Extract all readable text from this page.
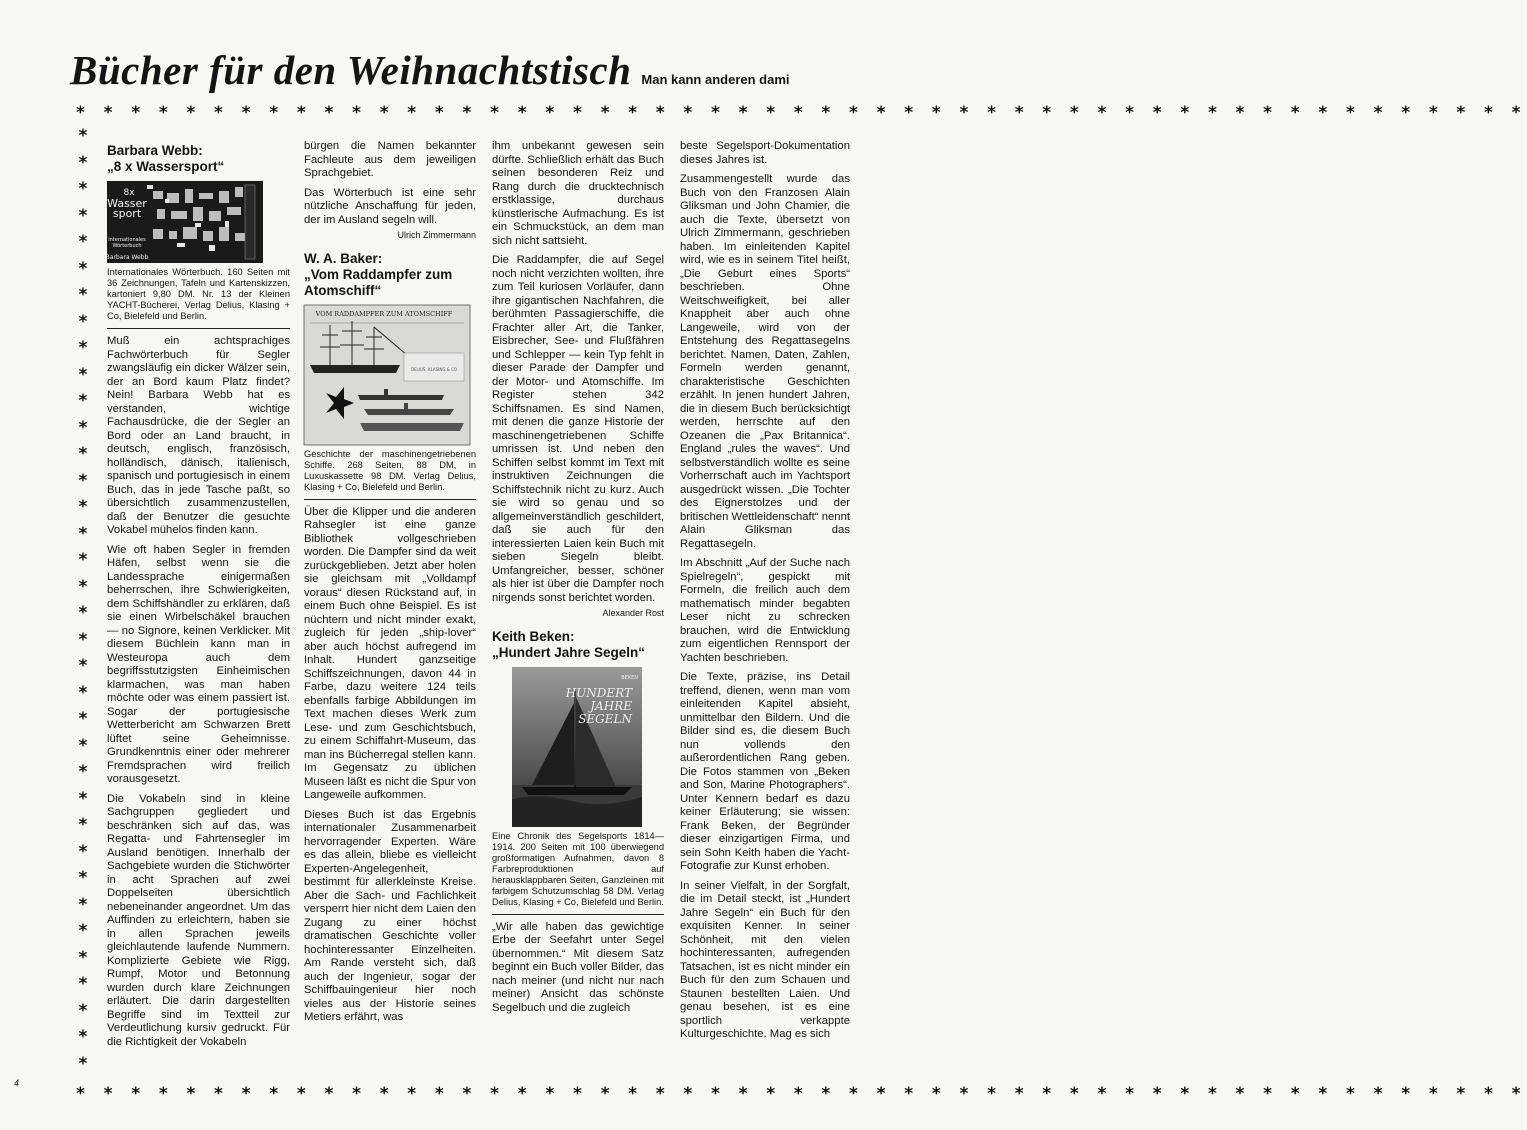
Bücher für den Weihnachtstisch Man kann anderen dami
* * * * * * * * * * * * * * * * * * * * * * * * * * * * * * * * * * * * * * * * * * * * * * * * * * * * *
* * * * * * * * * * * * * * * * * * * * * * * * * * * * * * * * * * * * * * * * * * * * * * * * * * * * *
*
*
*
*
*
*
*
*
*
*
*
*
*
*
*
*
*
*
*
*
*
*
*
*
*
*
*
*
*
*
*
*
*
*
*
*

Barbara Webb:

„8 x Wassersport“

8x
Wasser
sport
internationales
Wörterbuch
Barbara Webb

Internationales Wörterbuch. 160 Seiten mit 36 Zeichnungen, Tafeln und Kartenskizzen, kartoniert 9,80 DM. Nr. 13 der Kleinen YACHT-Bücherei, Verlag Delius, Klasing + Co, Bielefeld und Berlin.

Muß ein achtsprachiges Fachwörterbuch für Segler zwangsläufig ein dicker Wälzer sein, der an Bord kaum Platz findet? Nein! Barbara Webb hat es verstanden, wichtige Fachausdrücke, die der Segler an Bord oder an Land braucht, in deutsch, englisch, französisch, holländisch, dänisch, italienisch, spanisch und portugiesisch in einem Buch, das in jede Tasche paßt, so übersichtlich zusammenzustellen, daß der Benutzer die gesuchte Vokabel mühelos finden kann.

Wie oft haben Segler in fremden Häfen, selbst wenn sie die Landessprache einigermaßen beherrschen, ihre Schwierigkeiten, dem Schiffshändler zu erklären, daß sie einen Wirbelschäkel brauchen — no Signore, keinen Verklicker. Mit diesem Büchlein kann man in Westeuropa auch dem begriffsstutzigsten Einheimischen klarmachen, was man haben möchte oder was einem passiert ist. Sogar der portugiesische Wetterbericht am Schwarzen Brett lüftet seine Geheimnisse. Grundkenntnis einer oder mehrerer Fremdsprachen wird freilich vorausgesetzt.

Die Vokabeln sind in kleine Sachgruppen gegliedert und beschränken sich auf das, was Regatta- und Fahrtensegler im Ausland benötigen. Innerhalb der Sachgebiete wurden die Stichwörter in acht Sprachen auf zwei Doppelseiten übersichtlich nebeneinander angeordnet. Um das Auffinden zu erleichtern, haben sie in allen Sprachen jeweils gleichlautende laufende Nummern. Komplizierte Gebiete wie Rigg, Rumpf, Motor und Betonnung wurden durch klare Zeichnungen erläutert. Die darin dargestellten Begriffe sind im Textteil zur Verdeutlichung kursiv gedruckt. Für die Richtigkeit der Vokabeln

bürgen die Namen bekannter Fachleute aus dem jeweiligen Sprachgebiet.

Das Wörterbuch ist eine sehr nützliche Anschaffung für jeden, der im Ausland segeln will.

Ulrich Zimmermann

W. A. Baker:

„Vom Raddampfer zum Atomschiff“

DELIUS, KLASING & CO
VOM RADDAMPFER ZUM ATOMSCHIFF

Geschichte der maschinengetriebenen Schiffe. 268 Seiten, 88 DM, in Luxuskassette 98 DM. Verlag Delius, Klasing + Co, Bielefeld und Berlin.

Über die Klipper und die anderen Rahsegler ist eine ganze Bibliothek vollgeschrieben worden. Die Dampfer sind da weit zurückgeblieben. Jetzt aber holen sie gleichsam mit „Volldampf voraus“ diesen Rückstand auf, in einem Buch ohne Beispiel. Es ist nüchtern und nicht minder exakt, zugleich für jeden „ship-lover“ aber auch höchst aufregend im Inhalt. Hundert ganzseitige Schiffszeichnungen, davon 44 in Farbe, dazu weitere 124 teils ebenfalls farbige Abbildungen im Text machen dieses Werk zum Lese- und zum Geschichtsbuch, zu einem Schiffahrt-Museum, das man ins Bücherregal stellen kann. Im Gegensatz zu üblichen Museen läßt es nicht die Spur von Langeweile aufkommen.

Dieses Buch ist das Ergebnis internationaler Zusammenarbeit hervorragender Experten. Wäre es das allein, bliebe es vielleicht Experten-Angelegenheit, bestimmt für allerkleinste Kreise. Aber die Sach- und Fachlichkeit versperrt hier nicht dem Laien den Zugang zu einer höchst dramatischen Geschichte voller hochinteressanter Einzelheiten. Am Rande versteht sich, daß auch der Ingenieur, sogar der Schiffbauingenieur hier noch vieles aus der Historie seines Metiers erfährt, was

ihm unbekannt gewesen sein dürfte. Schließlich erhält das Buch seinen besonderen Reiz und Rang durch die drucktechnisch erstklassige, durchaus künstlerische Aufmachung. Es ist ein Schmuckstück, an dem man sich nicht sattsieht.

Die Raddampfer, die auf Segel noch nicht verzichten wollten, ihre zum Teil kuriosen Vorläufer, dann ihre gigantischen Nachfahren, die berühmten Passagierschiffe, die Frachter aller Art, die Tanker, Eisbrecher, See- und Flußfähren und Schlepper — kein Typ fehlt in dieser Parade der Dampfer und der Motor- und Atomschiffe. Im Register stehen 342 Schiffsnamen. Es sind Namen, mit denen die ganze Historie der maschinengetriebenen Schiffe umrissen ist. Und neben den Schiffen selbst kommt im Text mit instruktiven Zeichnungen die Schiffstechnik nicht zu kurz. Auch sie wird so genau und so allgemeinverständlich geschildert, daß sie auch für den interessierten Laien kein Buch mit sieben Siegeln bleibt. Umfangreicher, besser, schöner als hier ist über die Dampfer noch nirgends sonst berichtet worden.

Alexander Rost

Keith Beken:

„Hundert Jahre Segeln“

BEKEN
HUNDERT
JAHRE
SEGELN

Eine Chronik des Segelsports 1814—1914. 200 Seiten mit 100 überwiegend großformatigen Aufnahmen, davon 8 Farbreproduktionen auf herausklappbaren Seiten, Ganzleinen mit farbigem Schutzumschlag 58 DM. Verlag Delius, Klasing + Co, Bielefeld und Berlin.

„Wir alle haben das gewichtige Erbe der Seefahrt unter Segel übernommen.“ Mit diesem Satz beginnt ein Buch voller Bilder, das nach meiner (und nicht nur nach meiner) Ansicht das schönste Segelbuch und die zugleich

beste Segelsport-Dokumentation dieses Jahres ist.

Zusammengestellt wurde das Buch von den Franzosen Alain Gliksman und John Chamier, die auch die Texte, übersetzt von Ulrich Zimmermann, geschrieben haben. Im einleitenden Kapitel wird, wie es in seinem Titel heißt, „Die Geburt eines Sports“ beschrieben. Ohne Weitschweifigkeit, bei aller Knappheit aber auch ohne Langeweile, wird von der Entstehung des Regattasegelns berichtet. Namen, Daten, Zahlen, Formeln werden genannt, charakteristische Geschichten erzählt. In jenen hundert Jahren, die in diesem Buch berücksichtigt werden, herrschte auf den Ozeanen die „Pax Britannica“. England „rules the waves“. Und selbstverständlich wollte es seine Vorherrschaft auch im Yachtsport ausgedrückt wissen. „Die Tochter des Eignerstolzes und der britischen Wettleidenschaft“ nennt Alain Gliksman das Regattasegeln.

Im Abschnitt „Auf der Suche nach Spielregeln“, gespickt mit Formeln, die freilich auch dem mathematisch minder begabten Leser nicht zu schrecken brauchen, wird die Entwicklung zum eigentlichen Rennsport der Yachten beschrieben.

Die Texte, präzise, ins Detail treffend, dienen, wenn man vom einleitenden Kapitel absieht, unmittelbar den Bildern. Und die Bilder sind es, die diesem Buch nun vollends den außerordentlichen Rang geben. Die Fotos stammen von „Beken and Son, Marine Photographers“. Unter Kennern bedarf es dazu keiner Erläuterung; sie wissen: Frank Beken, der Begründer dieser einzigartigen Firma, und sein Sohn Keith haben die Yacht-Fotografie zur Kunst erhoben.

In seiner Vielfalt, in der Sorgfalt, die im Detail steckt, ist „Hundert Jahre Segeln“ ein Buch für den exquisiten Kenner. In seiner Schönheit, mit den vielen hochinteressanten, aufregenden Tatsachen, ist es nicht minder ein Buch für den zum Schauen und Staunen bestellten Laien. Und genau besehen, ist es eine sportlich verkappte Kulturgeschichte. Mag es sich

4
